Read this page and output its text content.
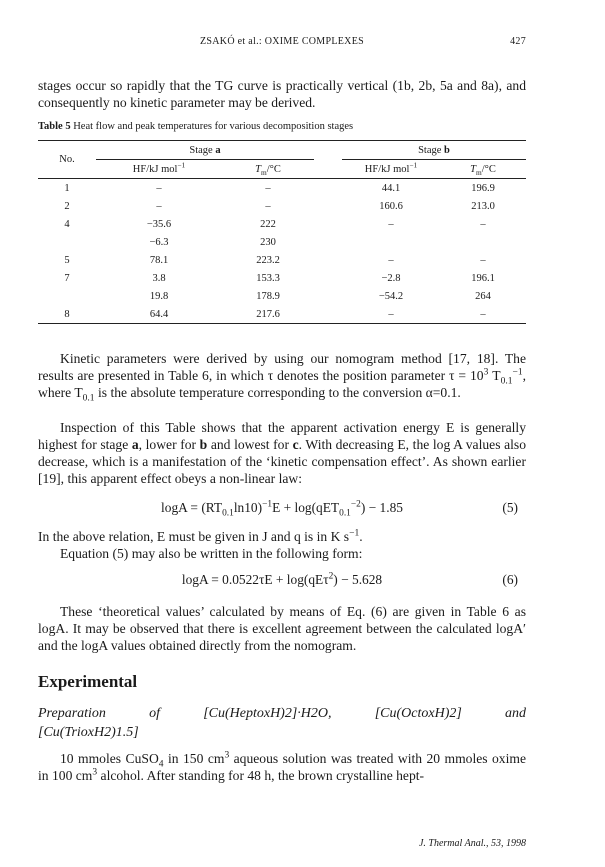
ZSAKÓ et al.: OXIME COMPLEXES	427
stages occur so rapidly that the TG curve is practically vertical (1b, 2b, 5a and 8a), and consequently no kinetic parameter may be derived.
Table 5 Heat flow and peak temperatures for various decomposition stages
No.	Stage a			Stage b	
	HF/kJ mol$^{-1}$	$T_m/^\circ C$		HF/kJ mol$^{-1}$	$T_m/^\circ C$
1	–	–		44.1	196.9
2	–	–		160.6	213.0
4	−35.6	222		–	–
	−6.3	230			
5	78.1	223.2		–	–
7	3.8	153.3		−2.8	196.1
	19.8	178.9		−54.2	264
8	64.4	217.6		–	–
Kinetic parameters were derived by using our nomogram method [17, 18]. The results are presented in Table 6, in which τ denotes the position parameter $\tau = 10^3$ $T_{0.1}^{-1}$, where $T_{0.1}$ is the absolute temperature corresponding to the conversion α=0.1.
Inspection of this Table shows that the apparent activation energy E is generally highest for stage a, lower for b and lowest for c. With decreasing E, the log A values also decrease, which is a manifestation of the ‘kinetic compensation effect’. As shown earlier [19], this apparent effect obeys a non-linear law:
$\log A = (RT_{0.1}\ln 10)^{-1}E + \log(qET_{0.1}^{-2}) - 1.85$	(5)
In the above relation, E must be given in J and q is in K $s^{-1}$.
Equation (5) may also be written in the following form:
logA = 0.0522τE + log(qEτ$^2$) − 5.628	(6)
These ‘theoretical values’ calculated by means of Eq. (6) are given in Table 6 as logA. It may be observed that there is excellent agreement between the calculated logA′ and the logA values obtained directly from the nomogram.
Experimental
Preparation	of	[Cu(HeptoxH)2]·H2O,	[Cu(OctoxH)2]	and
[Cu(TrioxH2)1.5]
10 mmoles CuSO$_4$ in 150 $cm^3$ aqueous solution was treated with 20 mmoles oxime in 100 $cm^3$ alcohol. After standing for 48 h, the brown crystalline hept-
J. Thermal Anal., 53, 1998
